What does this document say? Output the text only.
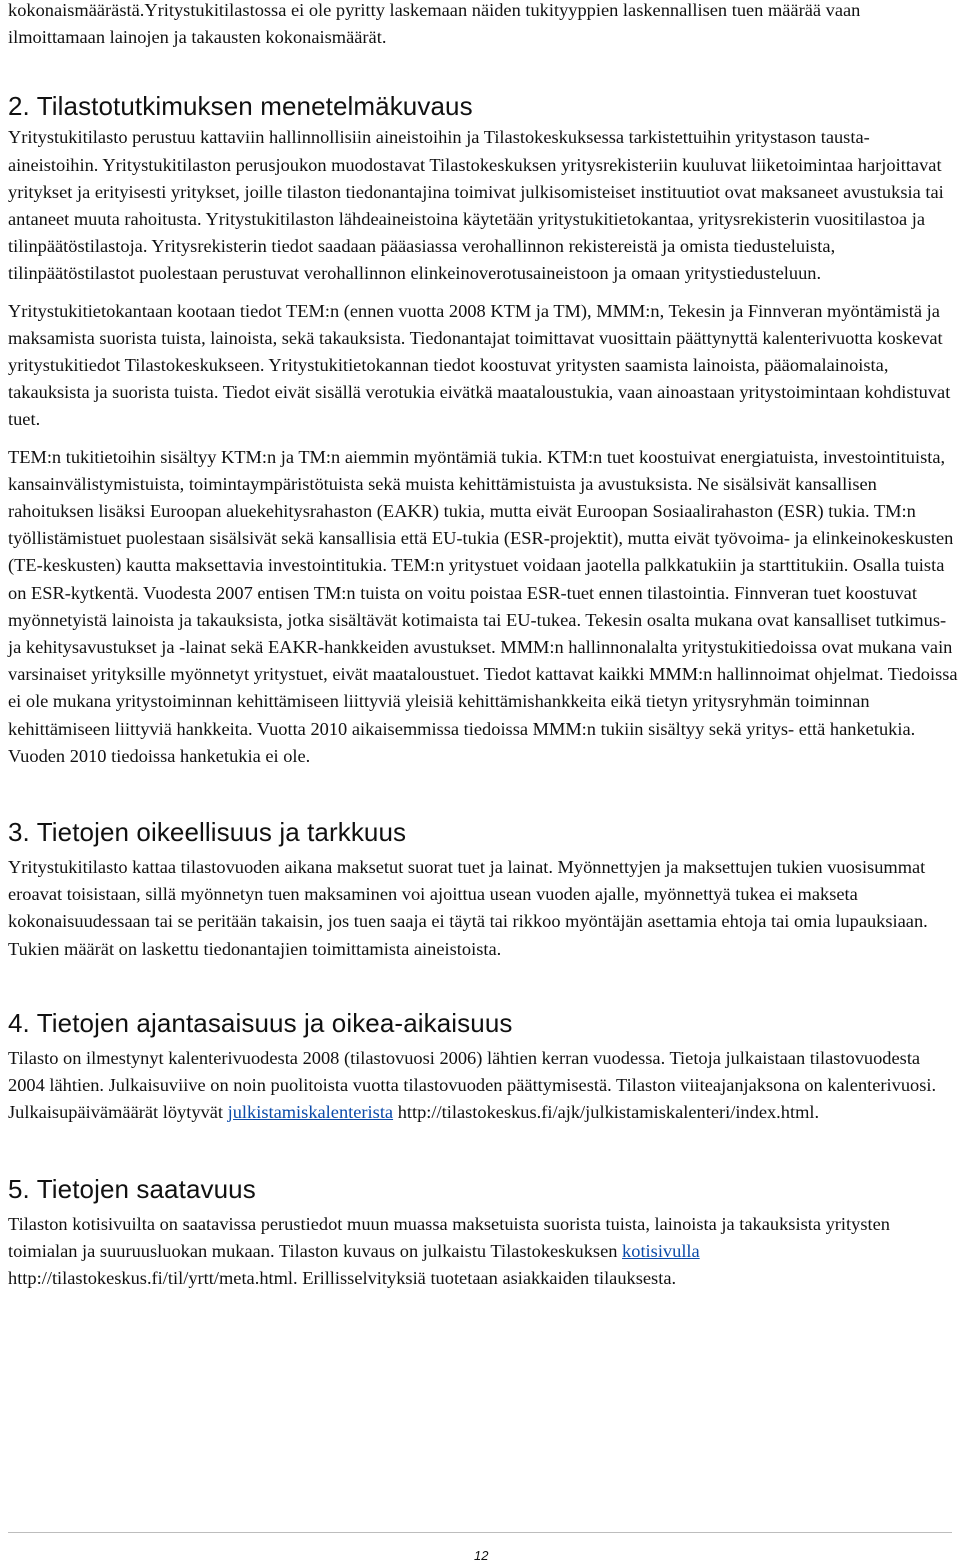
kokonaismäärästä.Yritystukitilastossa ei ole pyritty laskemaan näiden tukityyppien laskennallisen tuen määrää vaan ilmoittamaan lainojen ja takausten kokonaismäärät.

2. Tilastotutkimuksen menetelmäkuvaus

Yritystukitilasto perustuu kattaviin hallinnollisiin aineistoihin ja Tilastokeskuksessa tarkistettuihin yritystason tausta-aineistoihin. Yritystukitilaston perusjoukon muodostavat Tilastokeskuksen yritysrekisteriin kuuluvat liiketoimintaa harjoittavat yritykset ja erityisesti yritykset, joille tilaston tiedonantajina toimivat julkisomisteiset instituutiot ovat maksaneet avustuksia tai antaneet muuta rahoitusta. Yritystukitilaston lähdeaineistoina käytetään yritystukitietokantaa, yritysrekisterin vuositilastoa ja tilinpäätöstilastoja. Yritysrekisterin tiedot saadaan pääasiassa verohallinnon rekistereistä ja omista tiedusteluista, tilinpäätöstilastot puolestaan perustuvat verohallinnon elinkeinoverotusaineistoon ja omaan yritystiedusteluun.

Yritystukitietokantaan kootaan tiedot TEM:n (ennen vuotta 2008 KTM ja TM), MMM:n, Tekesin ja Finnveran myöntämistä ja maksamista suorista tuista, lainoista, sekä takauksista. Tiedonantajat toimittavat vuosittain päättynyttä kalenterivuotta koskevat yritystukitiedot Tilastokeskukseen. Yritystukitietokannan tiedot koostuvat yritysten saamista lainoista, pääomalainoista, takauksista ja suorista tuista. Tiedot eivät sisällä verotukia eivätkä maataloustukia, vaan ainoastaan yritystoimintaan kohdistuvat tuet.

TEM:n tukitietoihin sisältyy KTM:n ja TM:n aiemmin myöntämiä tukia. KTM:n tuet koostuivat energiatuista, investointituista, kansainvälistymistuista, toimintaympäristötuista sekä muista kehittämistuista ja avustuksista. Ne sisälsivät kansallisen rahoituksen lisäksi Euroopan aluekehitysrahaston (EAKR) tukia, mutta eivät Euroopan Sosiaalirahaston (ESR) tukia. TM:n työllistämistuet puolestaan sisälsivät sekä kansallisia että EU-tukia (ESR-projektit), mutta eivät työvoima- ja elinkeinokeskusten (TE-keskusten) kautta maksettavia investointitukia. TEM:n yritystuet voidaan jaotella palkkatukiin ja starttitukiin. Osalla tuista on ESR-kytkentä. Vuodesta 2007 entisen TM:n tuista on voitu poistaa ESR-tuet ennen tilastointia. Finnveran tuet koostuvat myönnetyistä lainoista ja takauksista, jotka sisältävät kotimaista tai EU-tukea. Tekesin osalta mukana ovat kansalliset tutkimus- ja kehitysavustukset ja -lainat sekä EAKR-hankkeiden avustukset. MMM:n hallinnonalalta yritystukitiedoissa ovat mukana vain varsinaiset yrityksille myönnetyt yritystuet, eivät maataloustuet. Tiedot kattavat kaikki MMM:n hallinnoimat ohjelmat. Tiedoissa ei ole mukana yritystoiminnan kehittämiseen liittyviä yleisiä kehittämishankkeita eikä tietyn yritysryhmän toiminnan kehittämiseen liittyviä hankkeita. Vuotta 2010 aikaisemmissa tiedoissa MMM:n tukiin sisältyy sekä yritys- että hanketukia. Vuoden 2010 tiedoissa hanketukia ei ole.

3. Tietojen oikeellisuus ja tarkkuus

Yritystukitilasto kattaa tilastovuoden aikana maksetut suorat tuet ja lainat. Myönnettyjen ja maksettujen tukien vuosisummat eroavat toisistaan, sillä myönnetyn tuen maksaminen voi ajoittua usean vuoden ajalle, myönnettyä tukea ei makseta kokonaisuudessaan tai se peritään takaisin, jos tuen saaja ei täytä tai rikkoo myöntäjän asettamia ehtoja tai omia lupauksiaan. Tukien määrät on laskettu tiedonantajien toimittamista aineistoista.

4. Tietojen ajantasaisuus ja oikea-aikaisuus

Tilasto on ilmestynyt kalenterivuodesta 2008 (tilastovuosi 2006) lähtien kerran vuodessa. Tietoja julkaistaan tilastovuodesta 2004 lähtien. Julkaisuviive on noin puolitoista vuotta tilastovuoden päättymisestä. Tilaston viiteajanjaksona on kalenterivuosi. Julkaisupäivämäärät löytyvät julkistamiskalenterista http://tilastokeskus.fi/ajk/julkistamiskalenteri/index.html.

5. Tietojen saatavuus

Tilaston kotisivuilta on saatavissa perustiedot muun muassa maksetuista suorista tuista, lainoista ja takauksista yritysten toimialan ja suuruusluokan mukaan. Tilaston kuvaus on julkaistu Tilastokeskuksen kotisivulla http://tilastokeskus.fi/til/yrtt/meta.html. Erillisselvityksiä tuotetaan asiakkaiden tilauksesta.

12
